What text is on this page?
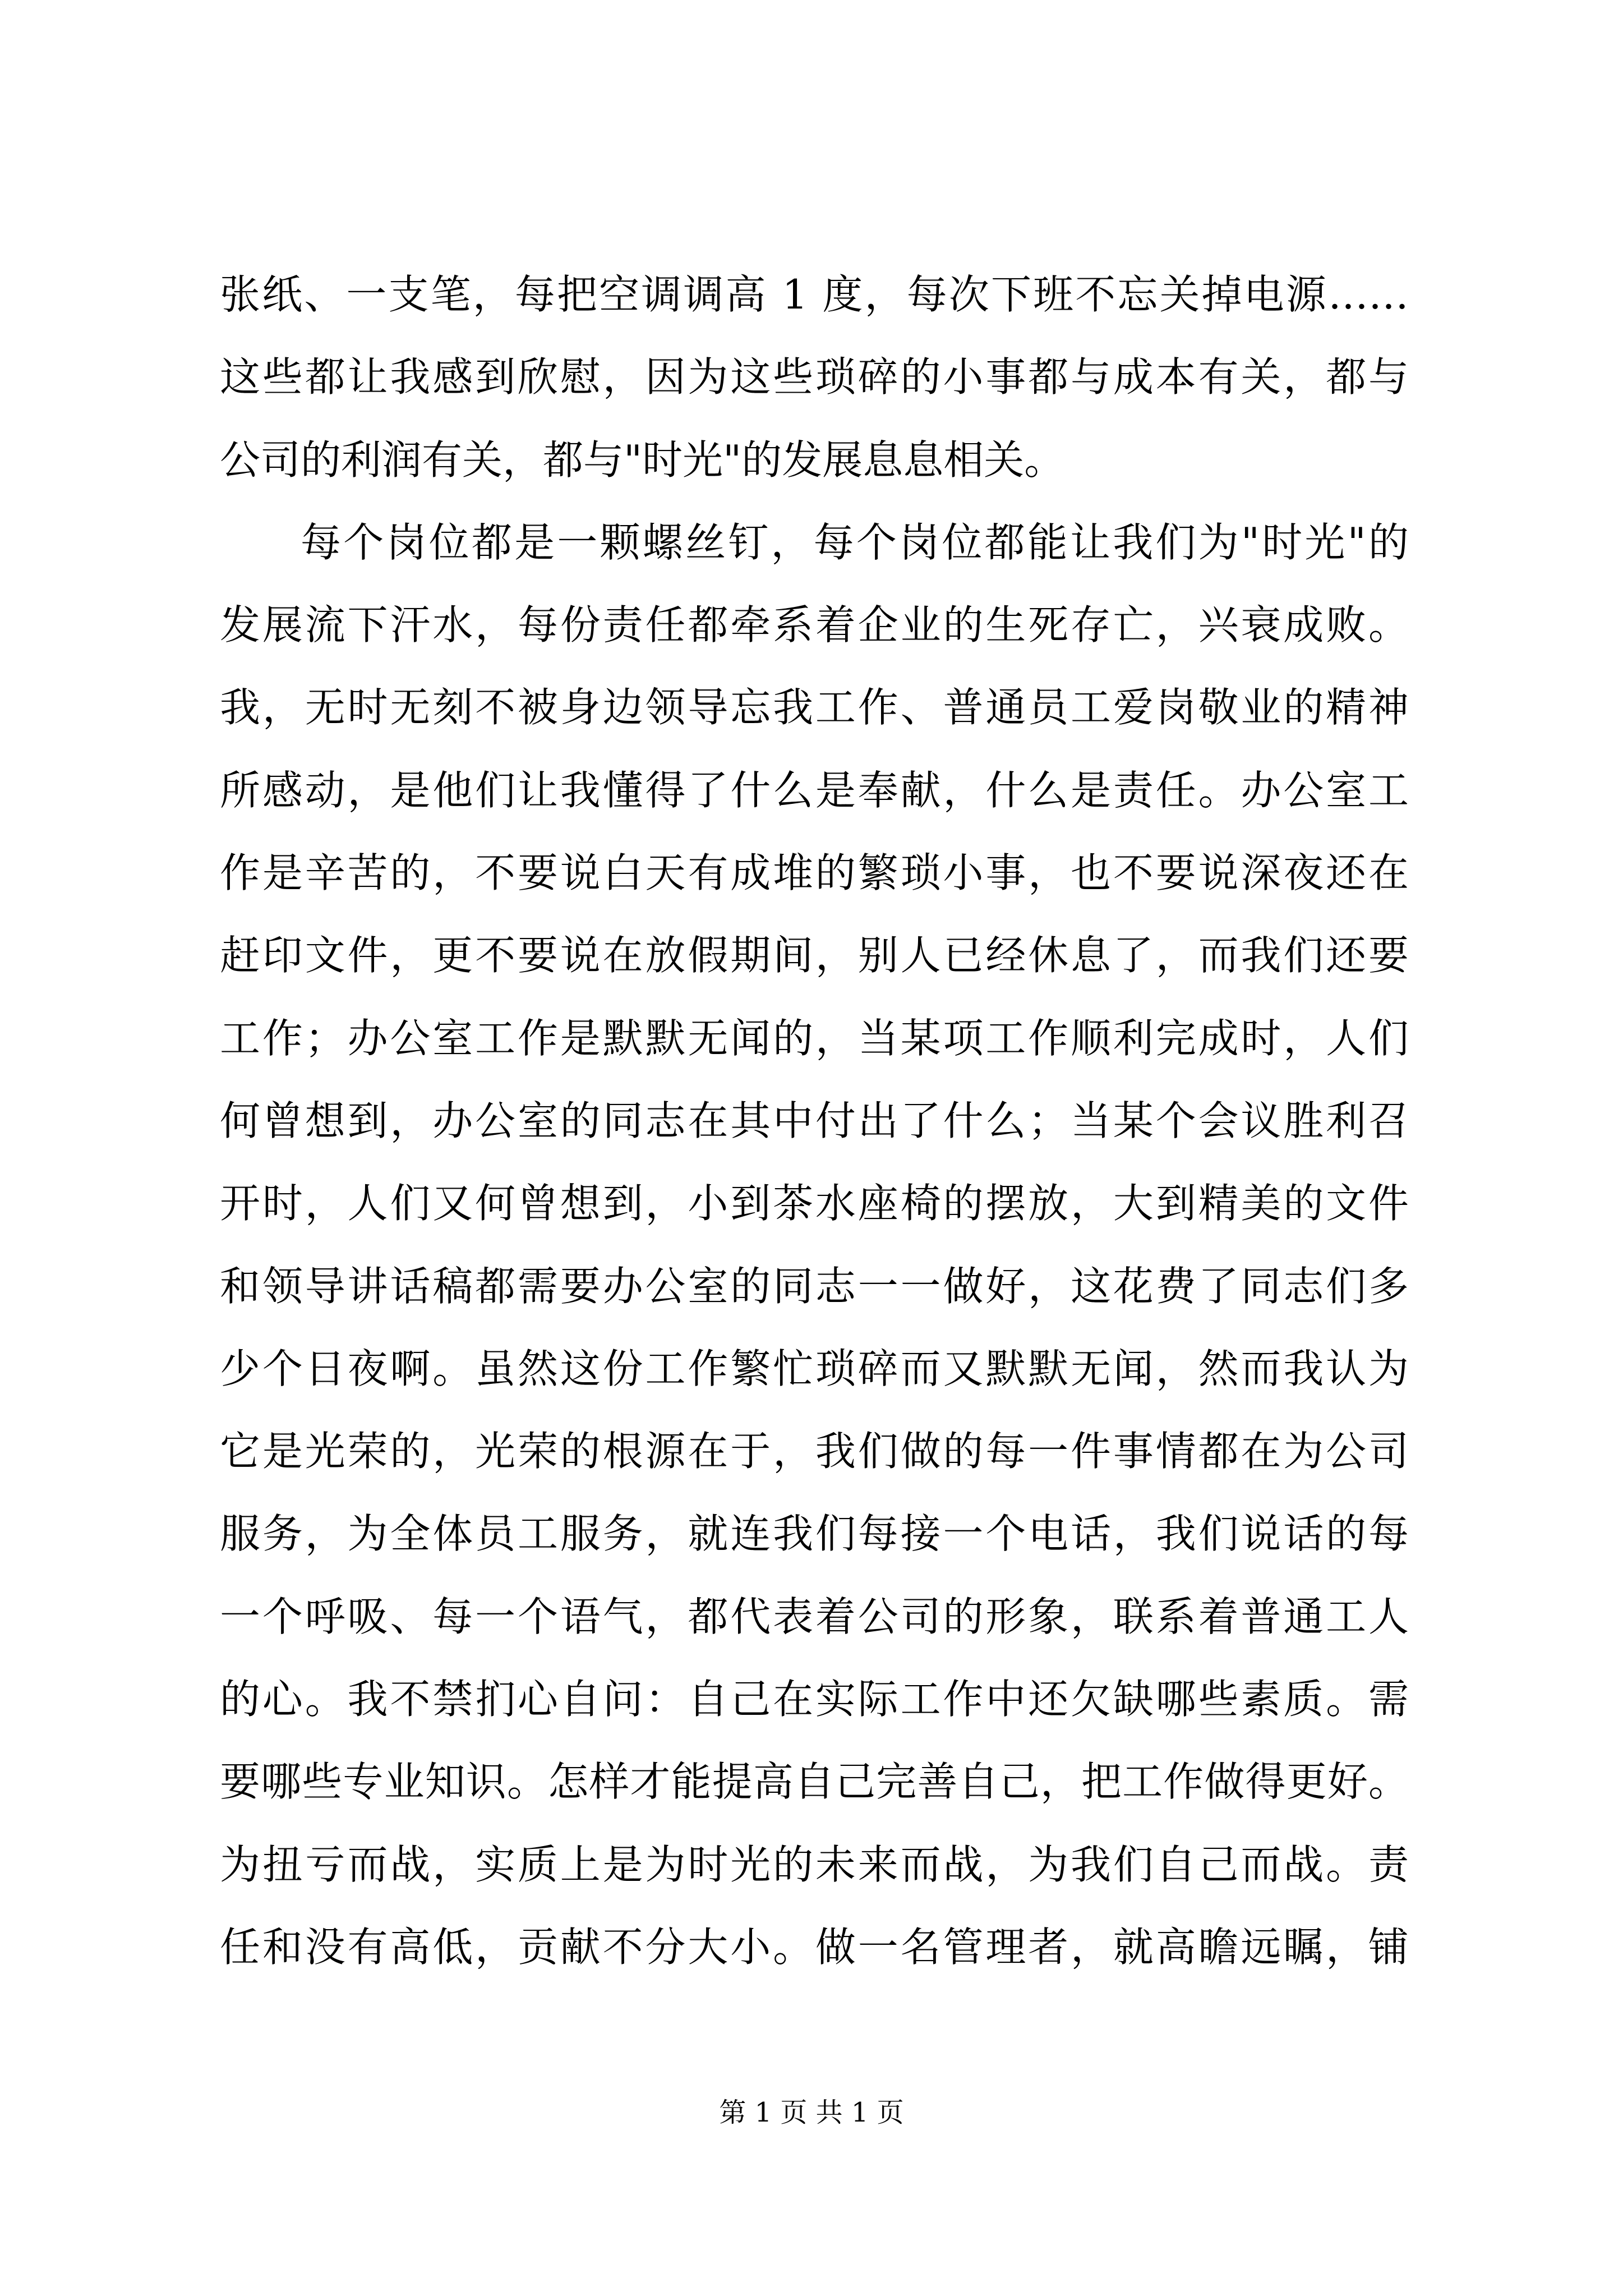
张纸、一支笔，每把空调调高 1 度，每次下班不忘关掉电源……
这些都让我感到欣慰，因为这些琐碎的小事都与成本有关，都与
公司的利润有关，都与"时光"的发展息息相关。
每个岗位都是一颗螺丝钉，每个岗位都能让我们为"时光"的
发展流下汗水，每份责任都牵系着企业的生死存亡，兴衰成败。
我，无时无刻不被身边领导忘我工作、普通员工爱岗敬业的精神
所感动，是他们让我懂得了什么是奉献，什么是责任。办公室工
作是辛苦的，不要说白天有成堆的繁琐小事，也不要说深夜还在
赶印文件，更不要说在放假期间，别人已经休息了，而我们还要
工作；办公室工作是默默无闻的，当某项工作顺利完成时，人们
何曾想到，办公室的同志在其中付出了什么；当某个会议胜利召
开时，人们又何曾想到，小到茶水座椅的摆放，大到精美的文件
和领导讲话稿都需要办公室的同志一一做好，这花费了同志们多
少个日夜啊。虽然这份工作繁忙琐碎而又默默无闻，然而我认为
它是光荣的，光荣的根源在于，我们做的每一件事情都在为公司
服务，为全体员工服务，就连我们每接一个电话，我们说话的每
一个呼吸、每一个语气，都代表着公司的形象，联系着普通工人
的心。我不禁扪心自问：自己在实际工作中还欠缺哪些素质。需
要哪些专业知识。怎样才能提高自己完善自己，把工作做得更好。
为扭亏而战，实质上是为时光的未来而战，为我们自己而战。责
任和没有高低，贡献不分大小。做一名管理者，就高瞻远瞩，铺
第 1 页 共 1 页
